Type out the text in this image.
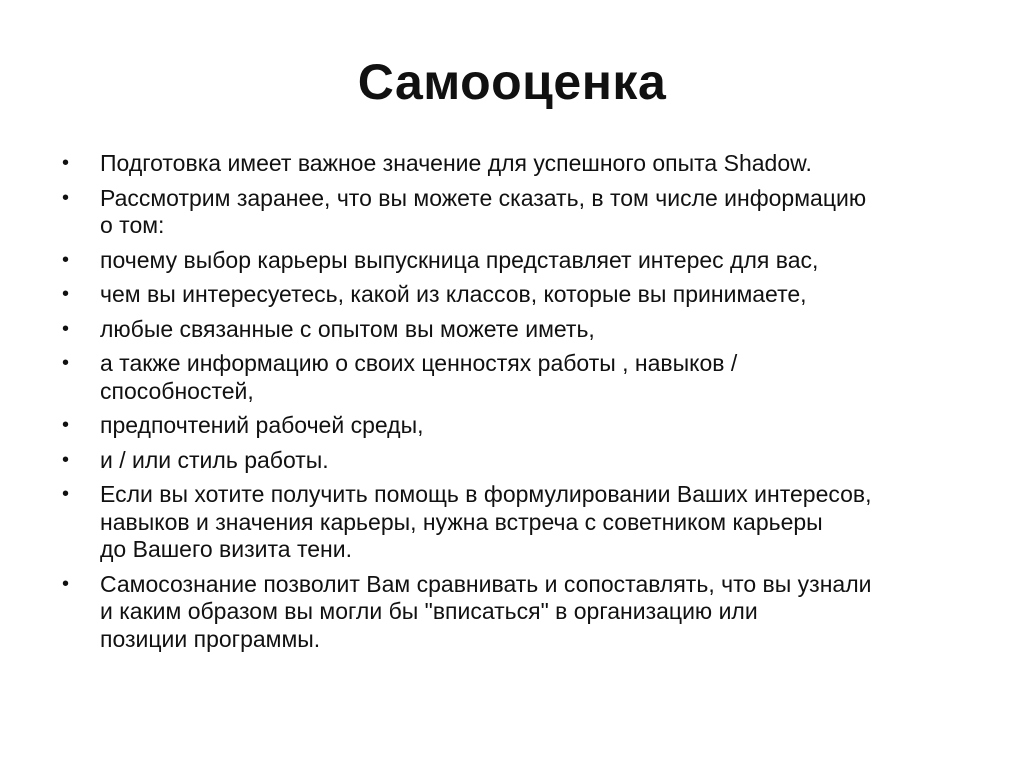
Самооценка
•	Подготовка имеет важное значение для успешного опыта Shadow.
•	Рассмотрим заранее, что вы можете сказать, в том числе информацию
о том:
•	почему выбор карьеры выпускница представляет интерес для вас,
•	чем вы интересуетесь, какой из классов, которые вы принимаете,
•	любые связанные с опытом вы можете иметь,
•	а также информацию о своих ценностях работы , навыков /
способностей,
•	предпочтений рабочей среды,
•	и / или стиль работы.
•	Если вы хотите получить помощь в формулировании Ваших интересов,
навыков и значения карьеры, нужна встреча с советником карьеры
до Вашего визита тени.
•	Самосознание позволит Вам сравнивать и сопоставлять, что вы узнали
и каким образом вы могли бы "вписаться" в организацию или
позиции программы.
